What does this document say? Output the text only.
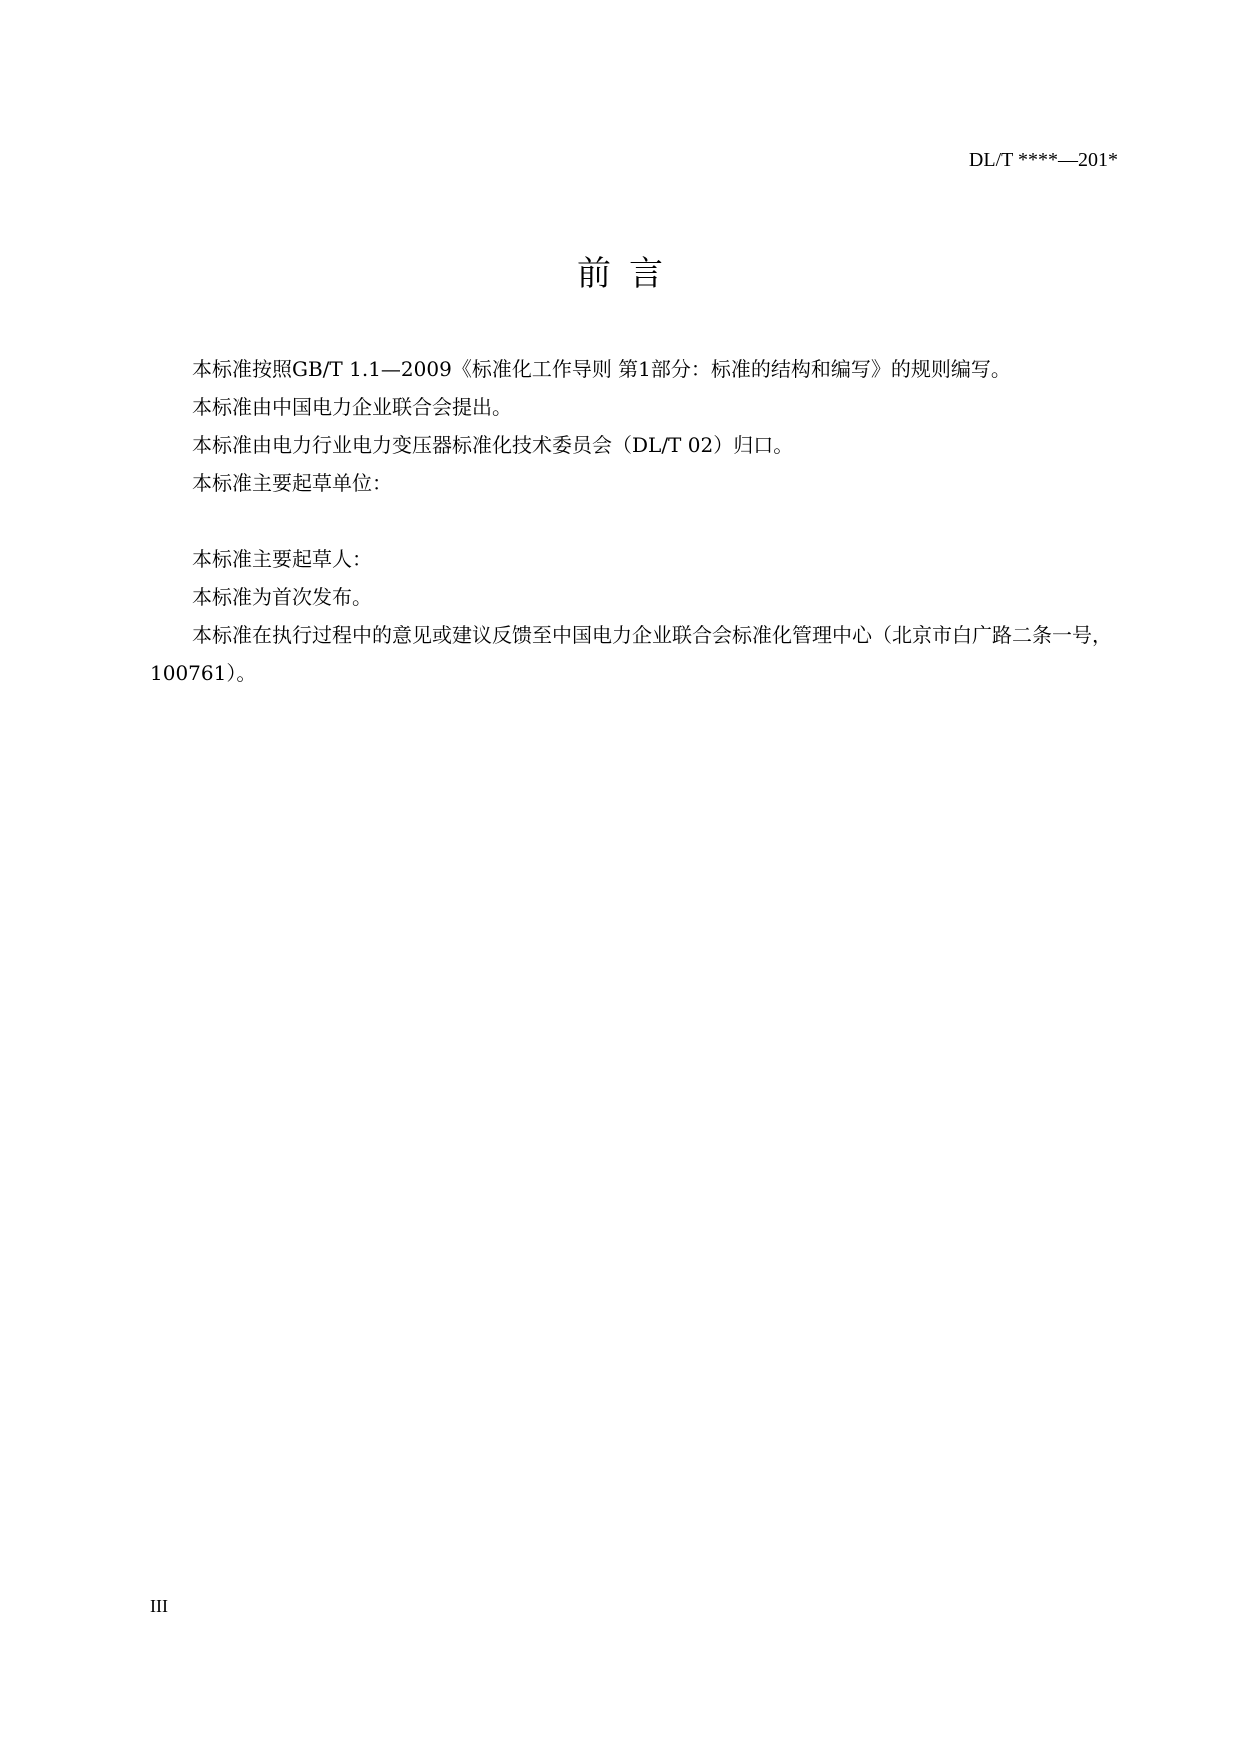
DL/T ****—201*
前言

本标准按照GB/T 1.1—2009《标准化工作导则 第1部分：标准的结构和编写》的规则编写。

本标准由中国电力企业联合会提出。

本标准由电力行业电力变压器标准化技术委员会（DL/T 02）归口。

本标准主要起草单位：

本标准主要起草人：

本标准为首次发布。

本标准在执行过程中的意见或建议反馈至中国电力企业联合会标准化管理中心（北京市白广路二条一号，100761）。

III
